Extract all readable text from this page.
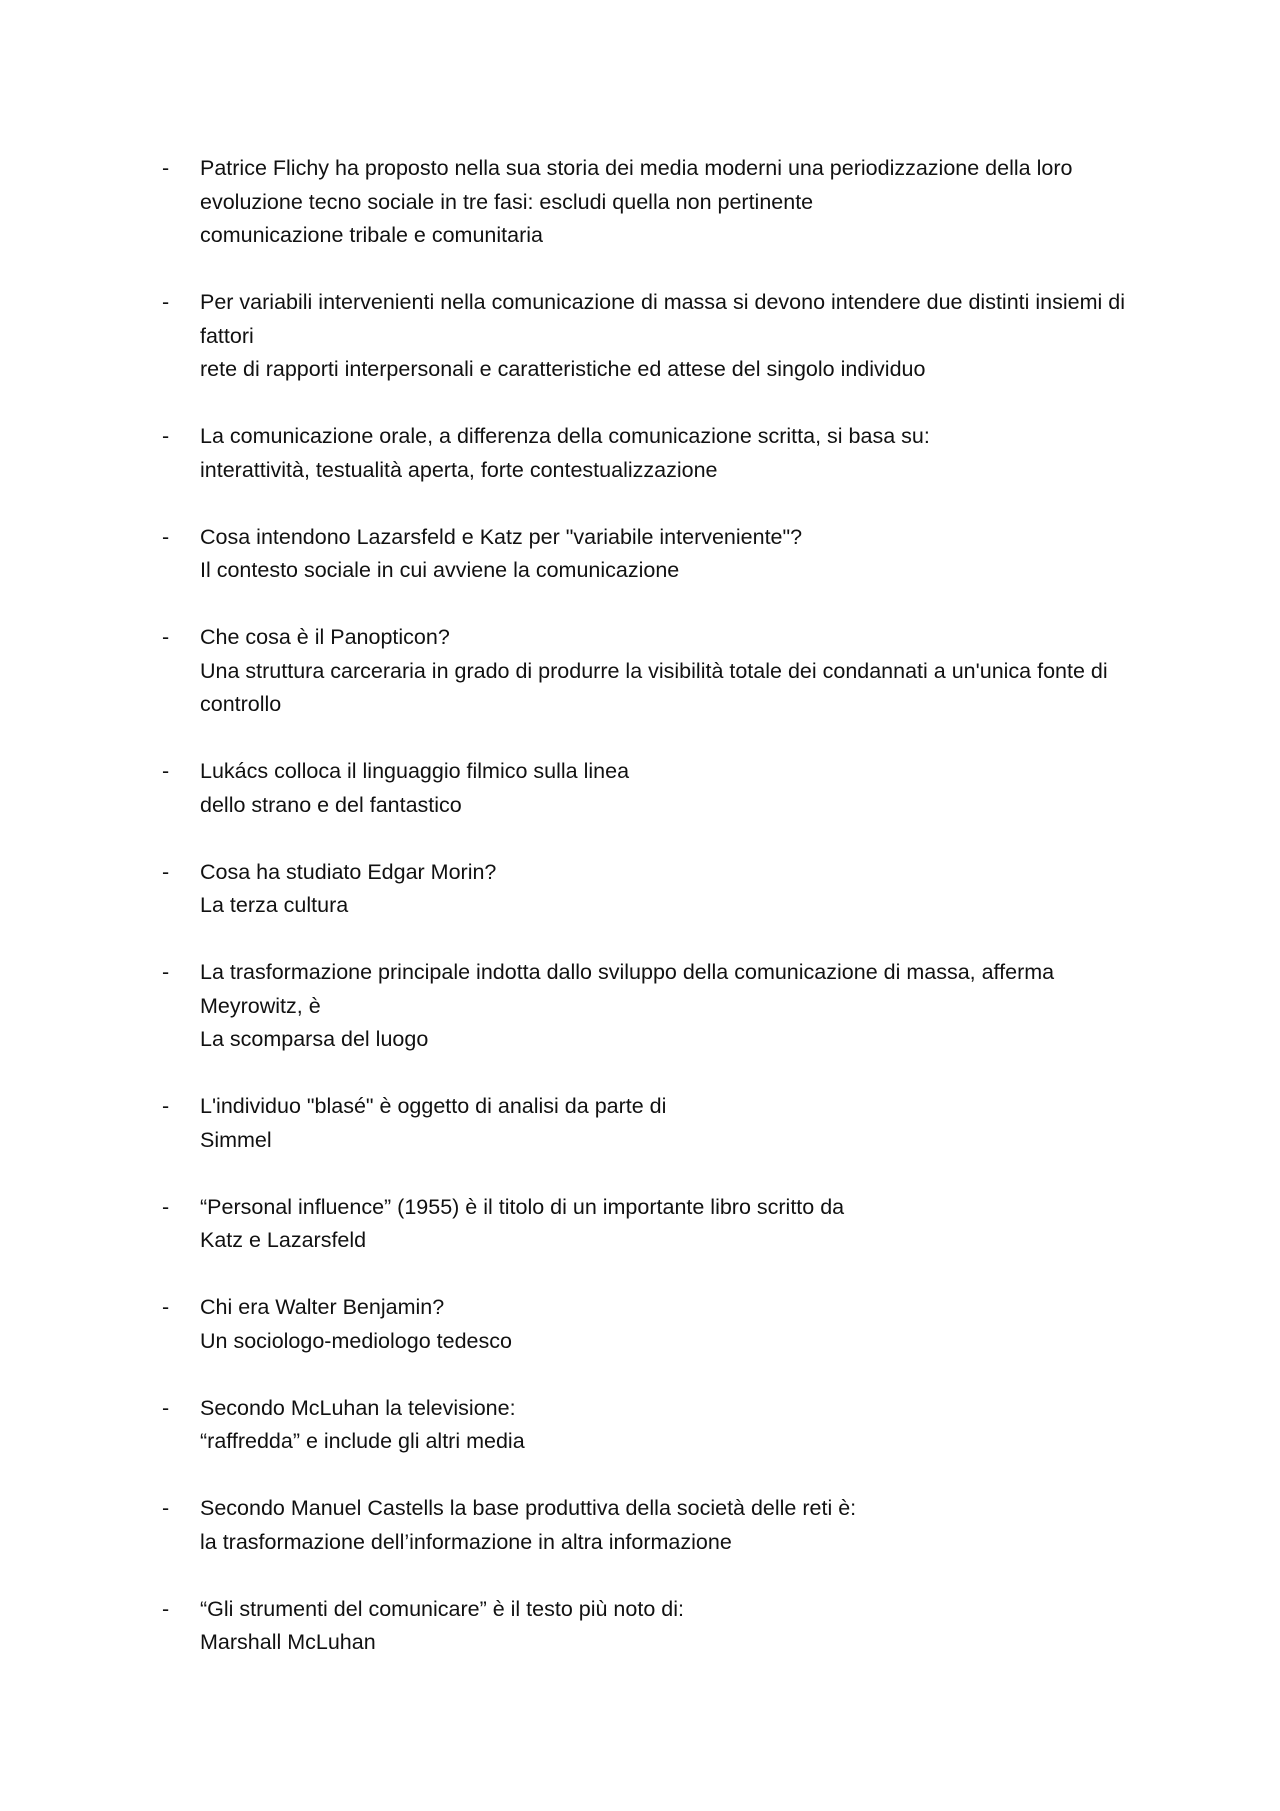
- Patrice Flichy ha proposto nella sua storia dei media moderni una periodizzazione della loro evoluzione tecno sociale in tre fasi: escludi quella non pertinente
comunicazione tribale e comunitaria
- Per variabili intervenienti nella comunicazione di massa si devono intendere due distinti insiemi di fattori
rete di rapporti interpersonali e caratteristiche ed attese del singolo individuo
- La comunicazione orale, a differenza della comunicazione scritta, si basa su:
interattività, testualità aperta, forte contestualizzazione
- Cosa intendono Lazarsfeld e Katz per "variabile interveniente"?
Il contesto sociale in cui avviene la comunicazione
- Che cosa è il Panopticon?
Una struttura carceraria in grado di produrre la visibilità totale dei condannati a un'unica fonte di controllo
- Lukács colloca il linguaggio filmico sulla linea
dello strano e del fantastico
- Cosa ha studiato Edgar Morin?
La terza cultura
- La trasformazione principale indotta dallo sviluppo della comunicazione di massa, afferma Meyrowitz, è
La scomparsa del luogo
- L'individuo "blasé" è oggetto di analisi da parte di
Simmel
- “Personal influence” (1955) è il titolo di un importante libro scritto da
Katz e Lazarsfeld
- Chi era Walter Benjamin?
Un sociologo-mediologo tedesco
- Secondo McLuhan la televisione:
“raffredda” e include gli altri media
- Secondo Manuel Castells la base produttiva della società delle reti è:
la trasformazione dell’informazione in altra informazione
- “Gli strumenti del comunicare” è il testo più noto di:
Marshall McLuhan
